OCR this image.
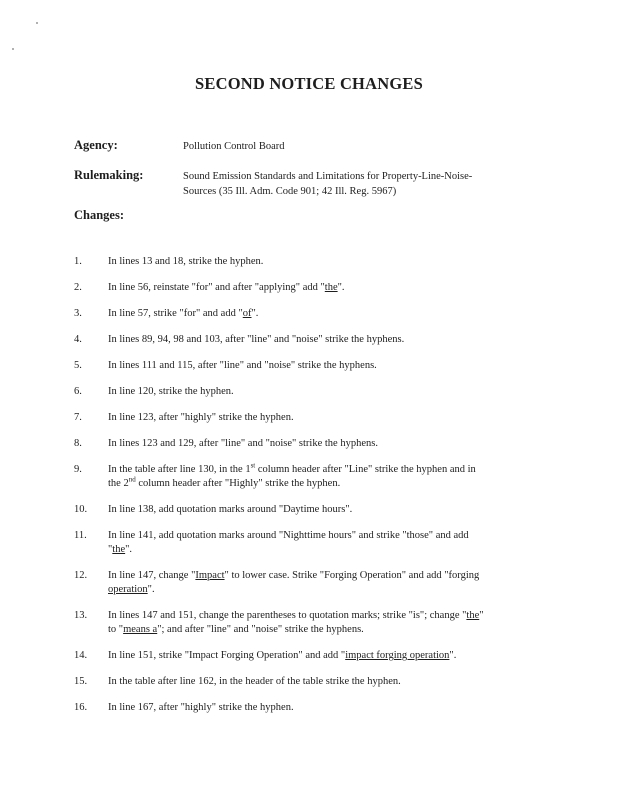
SECOND NOTICE CHANGES
Agency:	Pollution Control Board
Rulemaking:	Sound Emission Standards and Limitations for Property-Line-Noise-
Sources (35 Ill. Adm. Code 901; 42 Ill. Reg. 5967)
Changes:
1. In lines 13 and 18, strike the hyphen.
2. In line 56, reinstate "for" and after "applying" add "the".
3. In line 57, strike "for" and add "of".
4. In lines 89, 94, 98 and 103, after "line" and "noise" strike the hyphens.
5. In lines 111 and 115, after "line" and "noise" strike the hyphens.
6. In line 120, strike the hyphen.
7. In line 123, after "highly" strike the hyphen.
8. In lines 123 and 129, after "line" and "noise" strike the hyphens.
9. In the table after line 130, in the 1st column header after "Line" strike the hyphen and in
the 2nd column header after "Highly" strike the hyphen.
10. In line 138, add quotation marks around "Daytime hours".
11. In line 141, add quotation marks around "Nighttime hours" and strike "those" and add
"the".
12. In line 147, change "Impact" to lower case. Strike "Forging Operation" and add "forging
operation".
13. In lines 147 and 151, change the parentheses to quotation marks; strike "is"; change "the"
to "means a"; and after "line" and "noise" strike the hyphens.
14. In line 151, strike "Impact Forging Operation" and add "impact forging operation".
15. In the table after line 162, in the header of the table strike the hyphen.
16. In line 167, after "highly" strike the hyphen.
